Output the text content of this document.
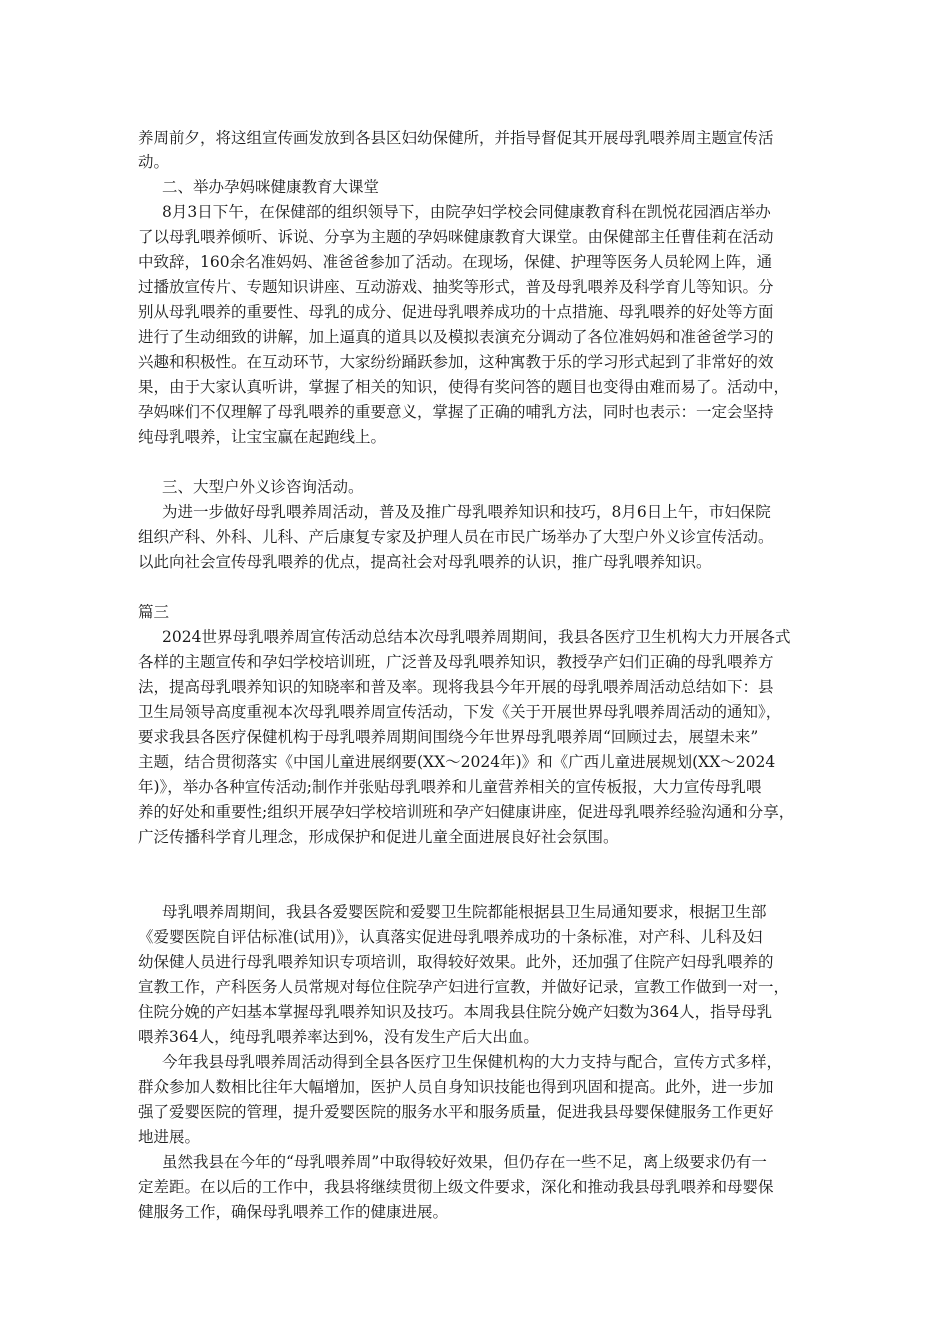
养周前夕，将这组宣传画发放到各县区妇幼保健所，并指导督促其开展母乳喂养周主题宣传活
动。
二、举办孕妈咪健康教育大课堂
8月3日下午，在保健部的组织领导下，由院孕妇学校会同健康教育科在凯悦花园酒店举办
了以母乳喂养倾听、诉说、分享为主题的孕妈咪健康教育大课堂。由保健部主任曹佳莉在活动
中致辞，160余名准妈妈、准爸爸参加了活动。在现场，保健、护理等医务人员轮网上阵，通
过播放宣传片、专题知识讲座、互动游戏、抽奖等形式，普及母乳喂养及科学育儿等知识。分
别从母乳喂养的重要性、母乳的成分、促进母乳喂养成功的十点措施、母乳喂养的好处等方面
进行了生动细致的讲解，加上逼真的道具以及模拟表演充分调动了各位准妈妈和准爸爸学习的
兴趣和积极性。在互动环节，大家纷纷踊跃参加，这种寓教于乐的学习形式起到了非常好的效
果，由于大家认真听讲，掌握了相关的知识，使得有奖问答的题目也变得由难而易了。活动中，
孕妈咪们不仅理解了母乳喂养的重要意义，掌握了正确的哺乳方法，同时也表示：一定会坚持
纯母乳喂养，让宝宝赢在起跑线上。
三、大型户外义诊咨询活动。
为进一步做好母乳喂养周活动，普及及推广母乳喂养知识和技巧，8月6日上午，市妇保院
组织产科、外科、儿科、产后康复专家及护理人员在市民广场举办了大型户外义诊宣传活动。
以此向社会宣传母乳喂养的优点，提高社会对母乳喂养的认识，推广母乳喂养知识。
篇三
2024世界母乳喂养周宣传活动总结本次母乳喂养周期间，我县各医疗卫生机构大力开展各式
各样的主题宣传和孕妇学校培训班，广泛普及母乳喂养知识，教授孕产妇们正确的母乳喂养方
法，提高母乳喂养知识的知晓率和普及率。现将我县今年开展的母乳喂养周活动总结如下：县
卫生局领导高度重视本次母乳喂养周宣传活动，下发《关于开展世界母乳喂养周活动的通知》，
要求我县各医疗保健机构于母乳喂养周期间围绕今年世界母乳喂养周“回顾过去，展望未来”
主题，结合贯彻落实《中国儿童进展纲要(XX～2024年)》和《广西儿童进展规划(XX～2024
年)》，举办各种宣传活动;制作并张贴母乳喂养和儿童营养相关的宣传板报，大力宣传母乳喂
养的好处和重要性;组织开展孕妇学校培训班和孕产妇健康讲座，促进母乳喂养经验沟通和分享，
广泛传播科学育儿理念，形成保护和促进儿童全面进展良好社会氛围。
母乳喂养周期间，我县各爱婴医院和爱婴卫生院都能根据县卫生局通知要求，根据卫生部
《爱婴医院自评估标准(试用)》，认真落实促进母乳喂养成功的十条标准，对产科、儿科及妇
幼保健人员进行母乳喂养知识专项培训，取得较好效果。此外，还加强了住院产妇母乳喂养的
宣教工作，产科医务人员常规对每位住院孕产妇进行宣教，并做好记录，宣教工作做到一对一，
住院分娩的产妇基本掌握母乳喂养知识及技巧。本周我县住院分娩产妇数为364人，指导母乳
喂养364人，纯母乳喂养率达到%，没有发生产后大出血。
今年我县母乳喂养周活动得到全县各医疗卫生保健机构的大力支持与配合，宣传方式多样，
群众参加人数相比往年大幅增加，医护人员自身知识技能也得到巩固和提高。此外，进一步加
强了爱婴医院的管理，提升爱婴医院的服务水平和服务质量，促进我县母婴保健服务工作更好
地进展。
虽然我县在今年的“母乳喂养周”中取得较好效果，但仍存在一些不足，离上级要求仍有一
定差距。在以后的工作中，我县将继续贯彻上级文件要求，深化和推动我县母乳喂养和母婴保
健服务工作，确保母乳喂养工作的健康进展。
